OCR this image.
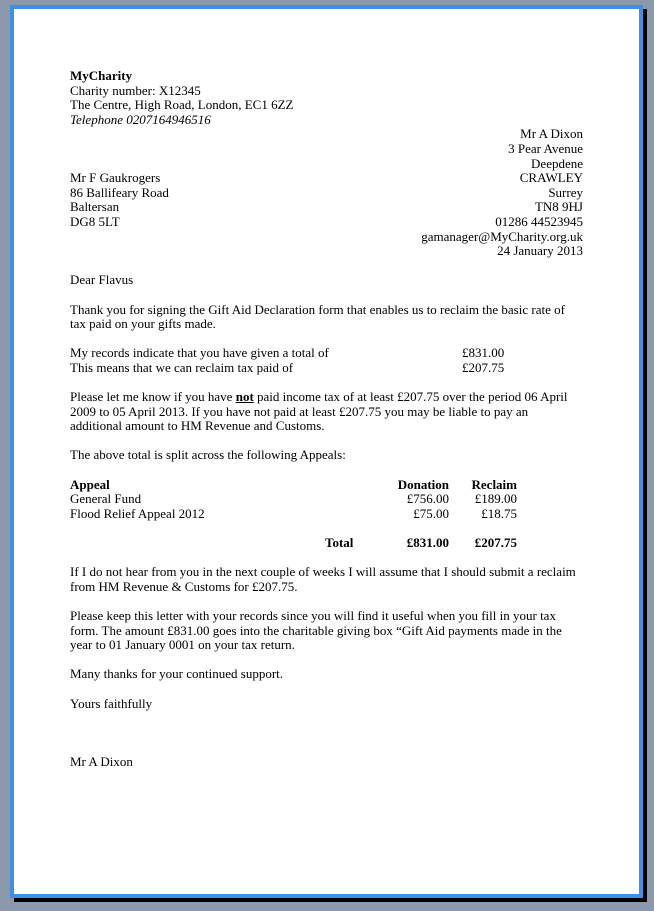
MyCharity
Charity number: X12345
The Centre, High Road, London, EC1 6ZZ
Telephone 0207164946516
Mr A Dixon
3 Pear Avenue
Deepdene
CRAWLEY
Surrey
TN8 9HJ
01286 44523945
gamanager@MyCharity.org.uk
24 January 2013
Mr F Gaukrogers
86 Ballifeary Road
Baltersan
DG8 5LT
Dear Flavus
Thank you for signing the Gift Aid Declaration form that enables us to reclaim the basic rate of tax paid on your gifts made.
My records indicate that you have given a total of	£831.00
This means that we can reclaim tax paid of	£207.75
Please let me know if you have not paid income tax of at least £207.75 over the period 06 April 2009 to 05 April 2013. If you have not paid at least £207.75 you may be liable to pay an additional amount to HM Revenue and Customs.
The above total is split across the following Appeals:
Appeal	Donation	Reclaim
General Fund	£756.00	£189.00
Flood Relief Appeal 2012	£75.00	£18.75
Total	£831.00	£207.75
If I do not hear from you in the next couple of weeks I will assume that I should submit a reclaim from HM Revenue & Customs for £207.75.
Please keep this letter with your records since you will find it useful when you fill in your tax form. The amount £831.00 goes into the charitable giving box “Gift Aid payments made in the year to 01 January 0001 on your tax return.
Many thanks for your continued support.
Yours faithfully
Mr A Dixon
